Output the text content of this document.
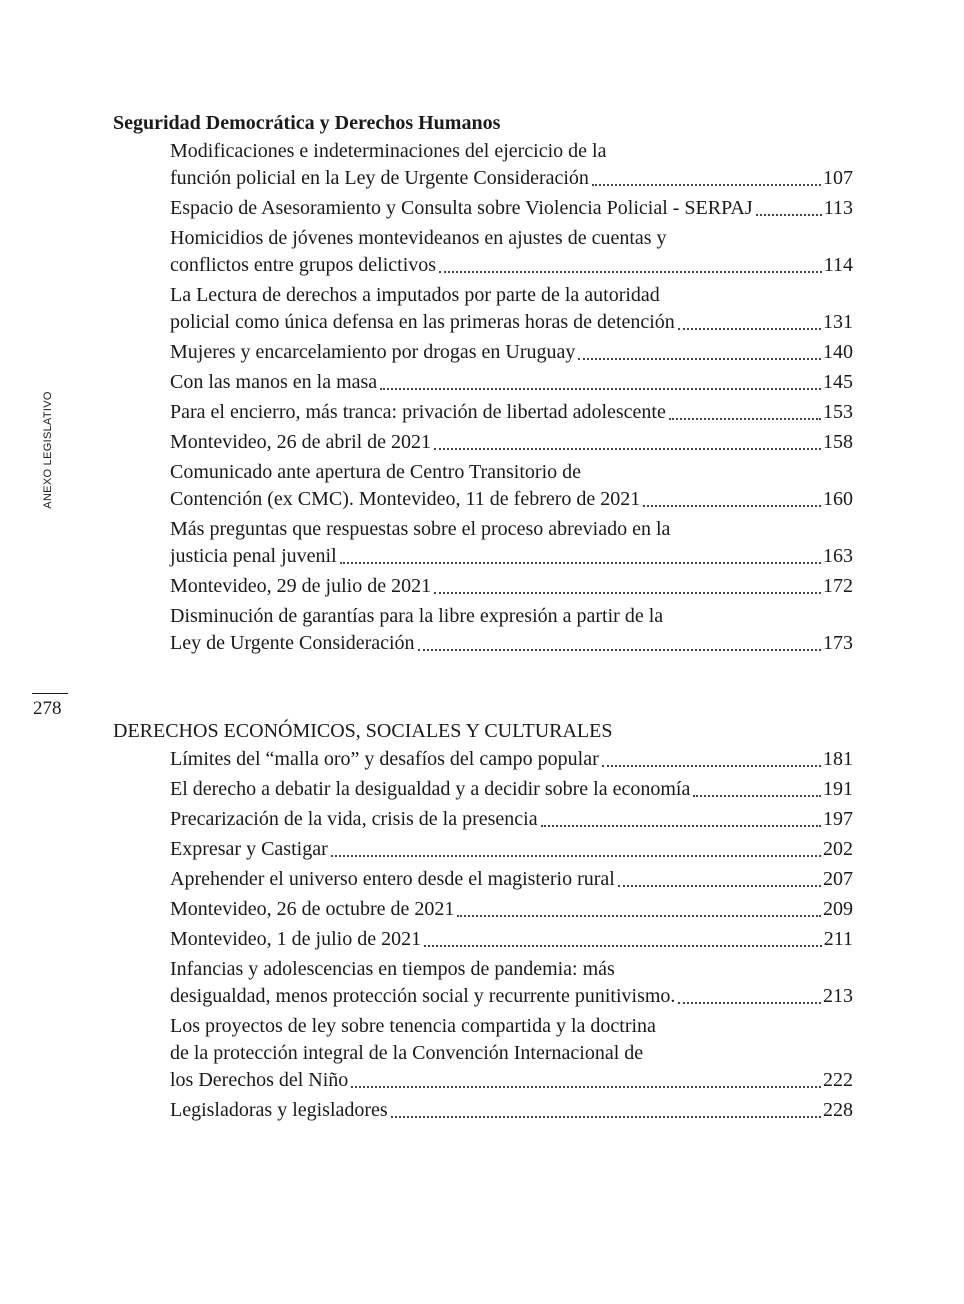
ANEXO LEGISLATIVO
278
Seguridad Democrática y Derechos Humanos
Modificaciones e indeterminaciones del ejercicio de la
función policial en la Ley de Urgente Consideración	107
Espacio de Asesoramiento y Consulta sobre Violencia Policial - SERPAJ	113
Homicidios de jóvenes montevideanos en ajustes de cuentas y
conflictos entre grupos delictivos	114
La Lectura de derechos a imputados por parte de la autoridad
policial como única defensa en las primeras horas de detención	131
Mujeres y encarcelamiento por drogas en Uruguay	140
Con las manos en la masa	145
Para el encierro, más tranca: privación de libertad adolescente	153
Montevideo, 26 de abril de 2021	158
Comunicado ante apertura de Centro Transitorio de
Contención (ex CMC). Montevideo, 11 de febrero de 2021	160
Más preguntas que respuestas sobre el proceso abreviado en la
justicia penal juvenil	163
Montevideo, 29 de julio de 2021	172
Disminución de garantías para la libre expresión a partir de la
Ley de Urgente Consideración	173
DERECHOS ECONÓMICOS, SOCIALES Y CULTURALES
Límites del “malla oro” y desafíos del campo popular	181
El derecho a debatir la desigualdad y a decidir sobre la economía	191
Precarización de la vida, crisis de la presencia	197
Expresar y Castigar	202
Aprehender el universo entero desde el magisterio rural	207
Montevideo, 26 de octubre de 2021	209
Montevideo, 1 de julio de 2021	211
Infancias y adolescencias en tiempos de pandemia: más
desigualdad, menos protección social y recurrente punitivismo.	213
Los proyectos de ley sobre tenencia compartida y la doctrina
de la protección integral de la Convención Internacional de
los Derechos del Niño	222
Legisladoras y legisladores	228
